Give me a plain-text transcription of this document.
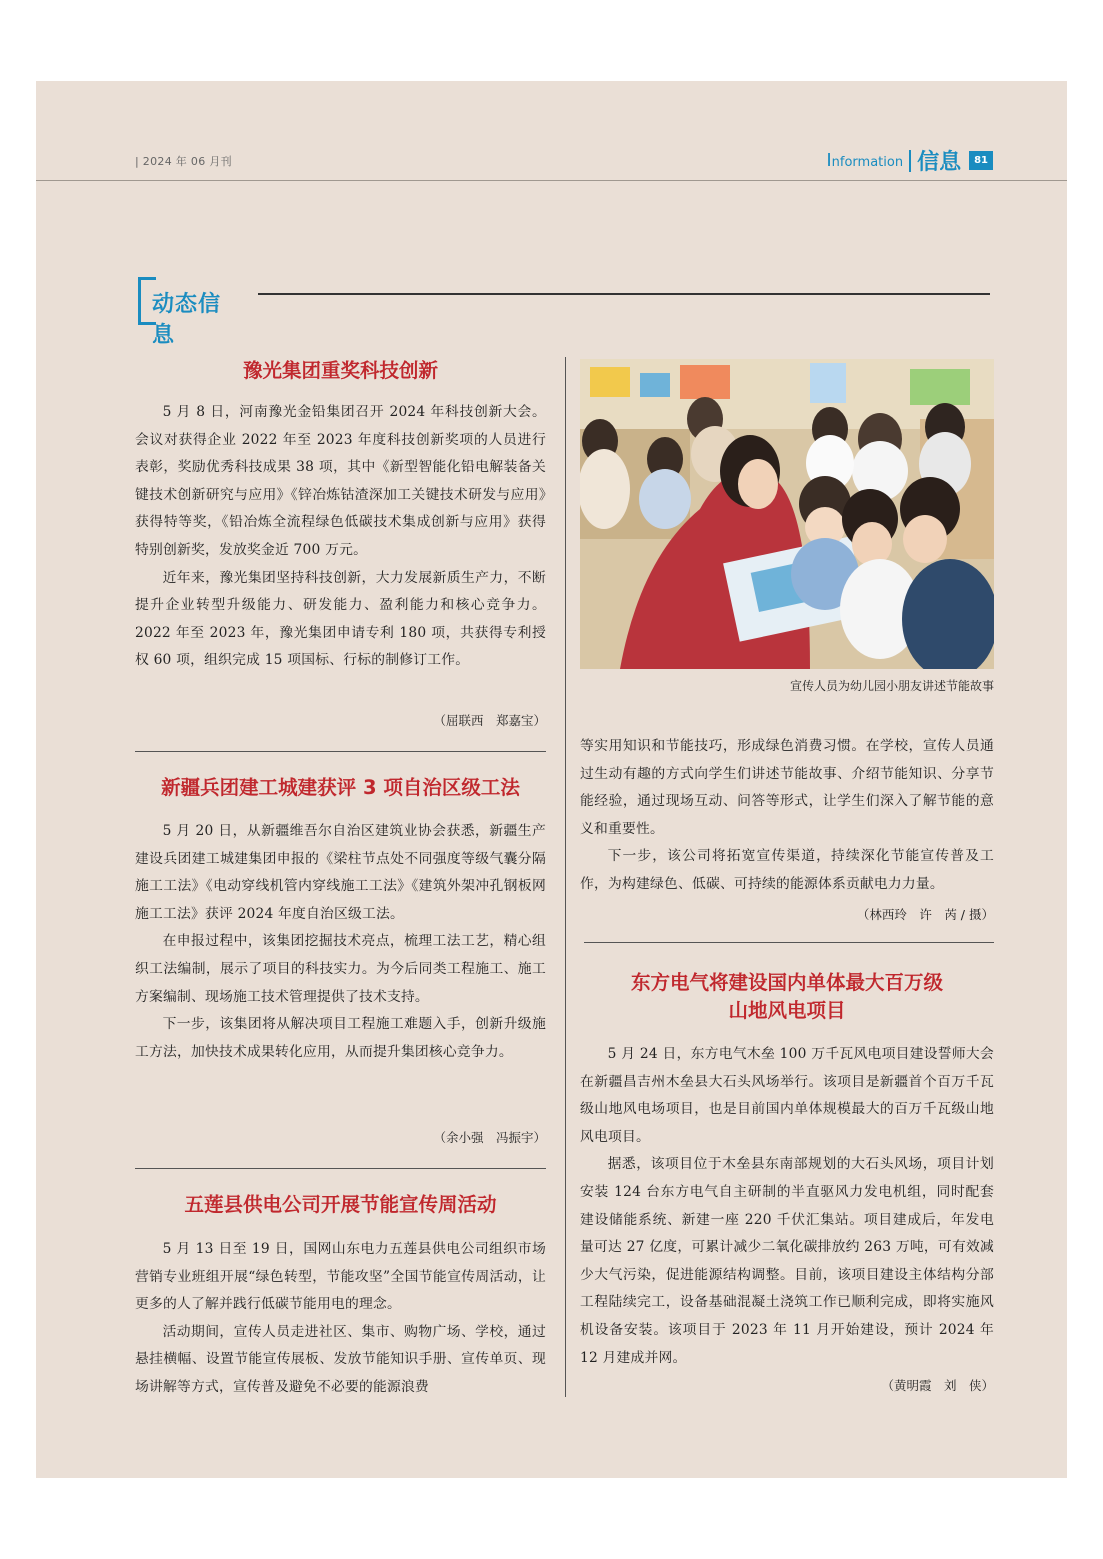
| 2024 年 06 月刊	Information 信息	81
动态信息
豫光集团重奖科技创新

5 月 8 日，河南豫光金铅集团召开 2024 年科技创新大会。会议对获得企业 2022 年至 2023 年度科技创新奖项的人员进行表彰，奖励优秀科技成果 38 项，其中《新型智能化铅电解装备关键技术创新研究与应用》《锌冶炼钴渣深加工关键技术研发与应用》获得特等奖，《铅冶炼全流程绿色低碳技术集成创新与应用》获得特别创新奖，发放奖金近 700 万元。

近年来，豫光集团坚持科技创新，大力发展新质生产力，不断提升企业转型升级能力、研发能力、盈利能力和核心竞争力。2022 年至 2023 年，豫光集团申请专利 180 项，共获得专利授权 60 项，组织完成 15 项国标、行标的制修订工作。

（屈联西　郑嘉宝）
新疆兵团建工城建获评 3 项自治区级工法

5 月 20 日，从新疆维吾尔自治区建筑业协会获悉，新疆生产建设兵团建工城建集团申报的《梁柱节点处不同强度等级气囊分隔施工工法》《电动穿线机管内穿线施工工法》《建筑外架冲孔钢板网施工工法》获评 2024 年度自治区级工法。

在申报过程中，该集团挖掘技术亮点，梳理工法工艺，精心组织工法编制，展示了项目的科技实力。为今后同类工程施工、施工方案编制、现场施工技术管理提供了技术支持。

下一步，该集团将从解决项目工程施工难题入手，创新升级施工方法，加快技术成果转化应用，从而提升集团核心竞争力。

（余小强　冯振宇）
五莲县供电公司开展节能宣传周活动

5 月 13 日至 19 日，国网山东电力五莲县供电公司组织市场营销专业班组开展“绿色转型，节能攻坚”全国节能宣传周活动，让更多的人了解并践行低碳节能用电的理念。

活动期间，宣传人员走进社区、集市、购物广场、学校，通过悬挂横幅、设置节能宣传展板、发放节能知识手册、宣传单页、现场讲解等方式，宣传普及避免不必要的能源浪费

宣传人员为幼儿园小朋友讲述节能故事

等实用知识和节能技巧，形成绿色消费习惯。在学校，宣传人员通过生动有趣的方式向学生们讲述节能故事、介绍节能知识、分享节能经验，通过现场互动、问答等形式，让学生们深入了解节能的意义和重要性。

下一步，该公司将拓宽宣传渠道，持续深化节能宣传普及工作，为构建绿色、低碳、可持续的能源体系贡献电力力量。

（林西玲　许　芮 / 摄）
东方电气将建设国内单体最大百万级
山地风电项目

5 月 24 日，东方电气木垒 100 万千瓦风电项目建设誓师大会在新疆昌吉州木垒县大石头风场举行。该项目是新疆首个百万千瓦级山地风电场项目，也是目前国内单体规模最大的百万千瓦级山地风电项目。

据悉，该项目位于木垒县东南部规划的大石头风场，项目计划安装 124 台东方电气自主研制的半直驱风力发电机组，同时配套建设储能系统、新建一座 220 千伏汇集站。项目建成后，年发电量可达 27 亿度，可累计减少二氧化碳排放约 263 万吨，可有效减少大气污染，促进能源结构调整。目前，该项目建设主体结构分部工程陆续完工，设备基础混凝土浇筑工作已顺利完成，即将实施风机设备安装。该项目于 2023 年 11 月开始建设，预计 2024 年 12 月建成并网。

（黄明霞　刘　侠）
